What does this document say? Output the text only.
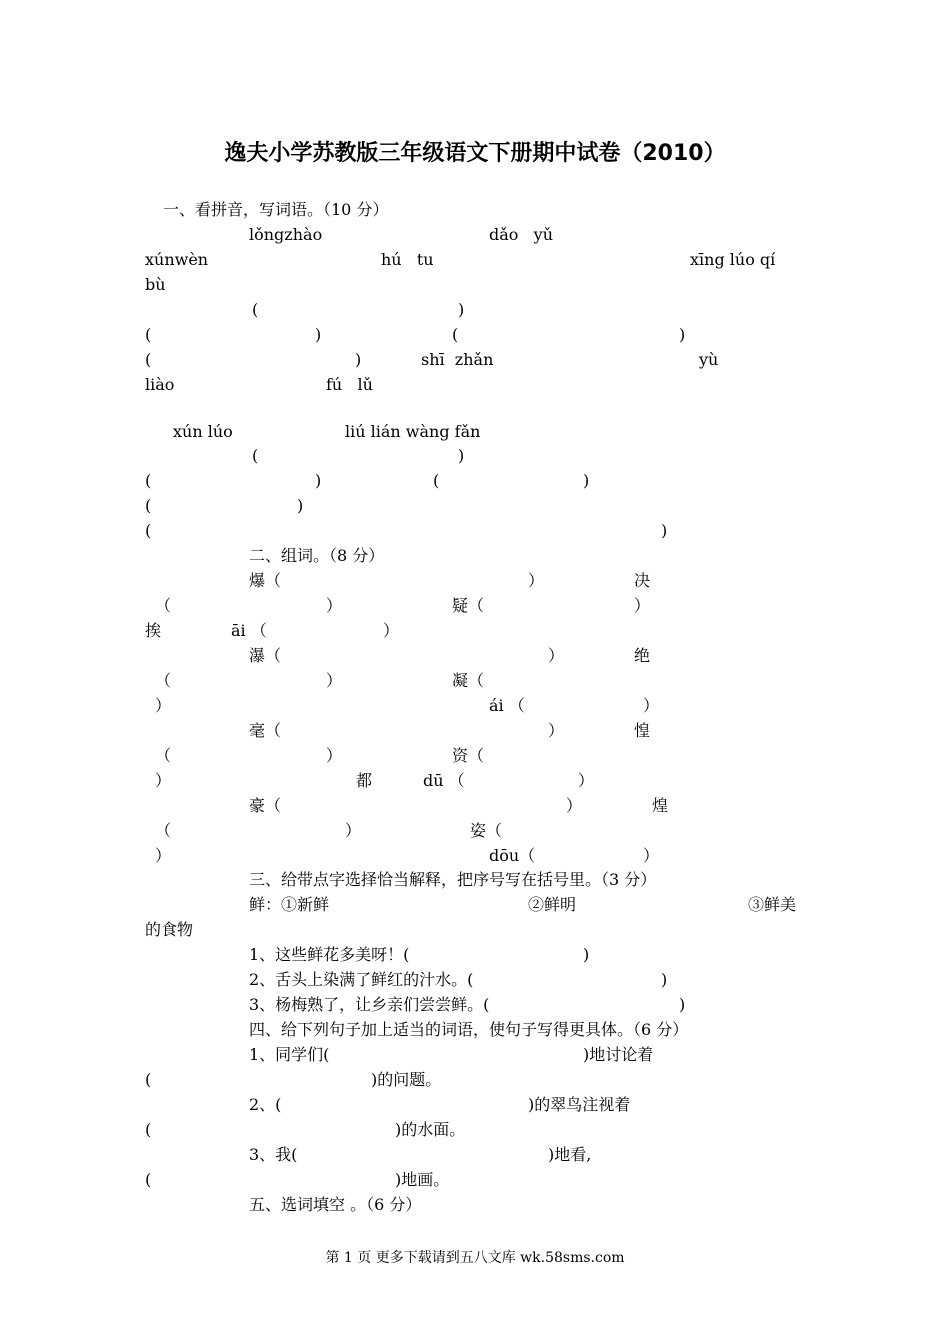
逸夫小学苏教版三年级语文下册期中试卷（2010）
一、看拼音，写词语。（10 分）
lǒngzhào	dǎo   yǔ
xúnwèn	hú   tu	xīng lúo qí
bù
(	)
(	)	(	)
(	)	shī  zhǎn	yù
liào	fú   lǔ
xún lúo	liú lián wàng fǎn
(	)
(	)	(	)
(	)
(	)
二、组词。（8 分）
爆（	）	决
（	）	疑（	）
挨	āi （	）
瀑（	）	绝
（	）	凝（
）	ái （	）
毫（	）	惶
（	）	资（
）	都	dū （	）
豪（	）	煌
（	）	姿（
）	dōu（	）
三、给带点字选择恰当解释，把序号写在括号里。（3 分）
鲜：①新鲜	②鲜明	③鲜美
的食物
1、这些鲜花多美呀！(	)
2、舌头上染满了鲜红的汁水。(	)
3、杨梅熟了，让乡亲们尝尝鲜。(	)
四、给下列句子加上适当的词语，使句子写得更具体。（6 分）
1、同学们(	)地讨论着
(	)的问题。
2、(	)的翠鸟注视着
(	)的水面。
3、我(	)地看,
(	)地画。
五、选词填空 。（6 分）
第 1 页 更多下载请到五八文库 wk.58sms.com
